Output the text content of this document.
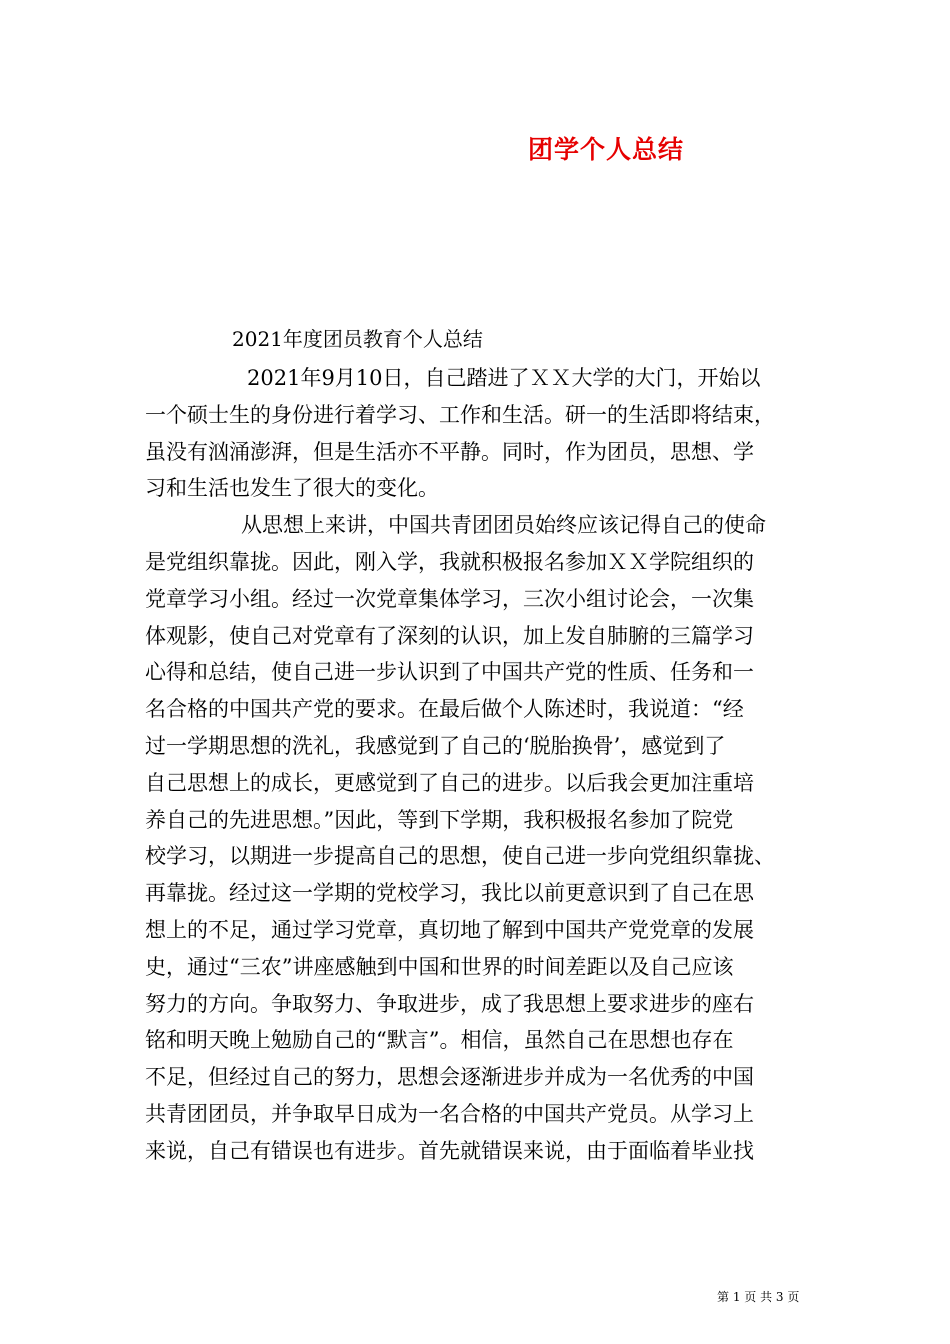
团学个人总结

2021年度团员教育个人总结

2021年9月10日，自己踏进了ＸＸ大学的大门，开始以
一个硕士生的身份进行着学习、工作和生活。研一的生活即将结束，
虽没有汹涌澎湃，但是生活亦不平静。同时，作为团员，思想、学
习和生活也发生了很大的变化。
从思想上来讲，中国共青团团员始终应该记得自己的使命
是党组织靠拢。因此，刚入学，我就积极报名参加ＸＸ学院组织的
党章学习小组。经过一次党章集体学习，三次小组讨论会，一次集
体观影，使自己对党章有了深刻的认识，加上发自肺腑的三篇学习
心得和总结，使自己进一步认识到了中国共产党的性质、任务和一
名合格的中国共产党的要求。在最后做个人陈述时，我说道：“经
过一学期思想的洗礼，我感觉到了自己的‘脱胎换骨’，感觉到了
自己思想上的成长，更感觉到了自己的进步。以后我会更加注重培
养自己的先进思想。”因此，等到下学期，我积极报名参加了院党
校学习，以期进一步提高自己的思想，使自己进一步向党组织靠拢、
再靠拢。经过这一学期的党校学习，我比以前更意识到了自己在思
想上的不足，通过学习党章，真切地了解到中国共产党党章的发展
史，通过“三农”讲座感触到中国和世界的时间差距以及自己应该
努力的方向。争取努力、争取进步，成了我思想上要求进步的座右
铭和明天晚上勉励自己的“默言”。相信，虽然自己在思想也存在
不足，但经过自己的努力，思想会逐渐进步并成为一名优秀的中国
共青团团员，并争取早日成为一名合格的中国共产党员。从学习上
来说，自己有错误也有进步。首先就错误来说，由于面临着毕业找

第 1 页 共 3 页
